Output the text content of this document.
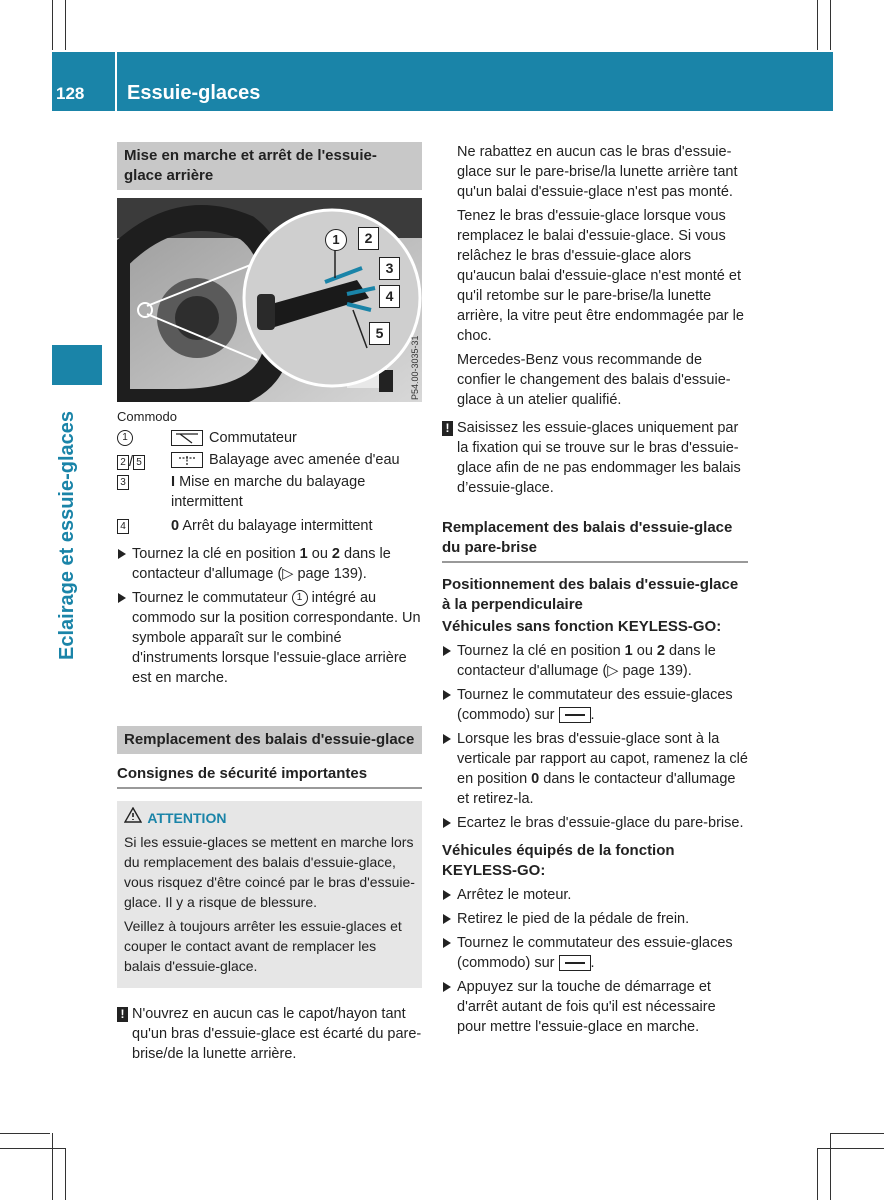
128	Essuie-glaces
Eclairage et essuie-glaces
Mise en marche et arrêt de l'essuie-glace arrière
1	2
3
4
5
P54.00-3035-31
Commodo
1	Commutateur
2 / 5	Balayage avec amenée d'eau
3	I Mise en marche du balayage intermittent
4	0 Arrêt du balayage intermittent
Tournez la clé en position 1 ou 2 dans le contacteur d'allumage (▷ page 139).
Tournez le commutateur 1 intégré au commodo sur la position correspondante. Un symbole apparaît sur le combiné d'instruments lorsque l'essuie-glace arrière est en marche.
Remplacement des balais d'essuie-glace
Consignes de sécurité importantes
ATTENTION

Si les essuie-glaces se mettent en marche lors du remplacement des balais d'essuie-glace, vous risquez d'être coincé par le bras d'essuie-glace. Il y a risque de blessure.

Veillez à toujours arrêter les essuie-glaces et couper le contact avant de remplacer les balais d'essuie-glace.

! N'ouvrez en aucun cas le capot/hayon tant qu'un bras d'essuie-glace est écarté du pare-brise/de la lunette arrière.

Ne rabattez en aucun cas le bras d'essuie-glace sur le pare-brise/la lunette arrière tant qu'un balai d'essuie-glace n'est pas monté.

Tenez le bras d'essuie-glace lorsque vous remplacez le balai d'essuie-glace. Si vous relâchez le bras d'essuie-glace alors qu'aucun balai d'essuie-glace n'est monté et qu'il retombe sur le pare-brise/la lunette arrière, la vitre peut être endommagée par le choc.

Mercedes-Benz vous recommande de confier le changement des balais d'essuie-glace à un atelier qualifié.

! Saisissez les essuie-glaces uniquement par la fixation qui se trouve sur le bras d'essuie-glace afin de ne pas endommager les balais d’essuie-glace.
Remplacement des balais d'essuie-glace du pare-brise
Positionnement des balais d'essuie-glace à la perpendiculaire
Véhicules sans fonction KEYLESS-GO:
Tournez la clé en position 1 ou 2 dans le contacteur d'allumage (▷ page 139).
Tournez le commutateur des essuie-glaces (commodo) sur .
Lorsque les bras d'essuie-glace sont à la verticale par rapport au capot, ramenez la clé en position 0 dans le contacteur d'allumage et retirez-la.
Ecartez le bras d'essuie-glace du pare-brise.
Véhicules équipés de la fonction KEYLESS-GO:
Arrêtez le moteur.
Retirez le pied de la pédale de frein.
Tournez le commutateur des essuie-glaces (commodo) sur .
Appuyez sur la touche de démarrage et d'arrêt autant de fois qu'il est nécessaire pour mettre l'essuie-glace en marche.
